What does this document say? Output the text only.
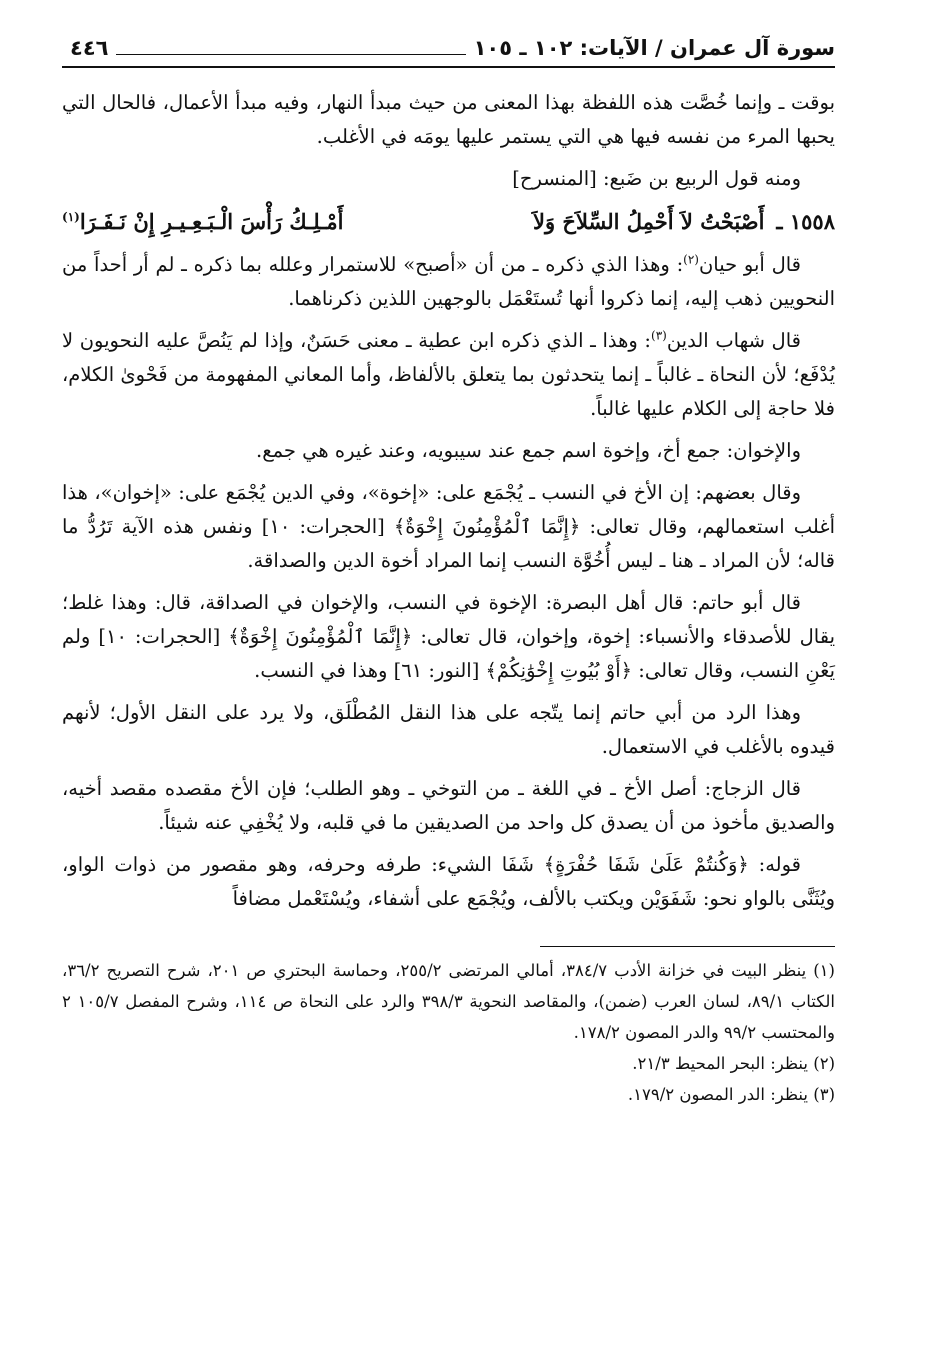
سورة آل عمران / الآيات: ١٠٢ ـ ١٠٥
٤٤٦

بوقت ـ وإنما خُصَّت هذه اللفظة بهذا المعنى من حيث مبدأ النهار، وفيه مبدأ الأعمال، فالحال التي يحبها المرء من نفسه فيها هي التي يستمر عليها يومَه في الأغلب.

ومنه قول الربيع بن ضَبع: [المنسرح]

١٥٥٨ ـ
أَصْبَحْتُ لاَ أَحْمِلُ السِّلاَحَ وَلاَ
أَمْـلِـكُ رَأْسَ الْـبَـعِـيـرِ إِنْ نَـفَـرَا$^{(١)}$

قال أبو حيان$^{(٢)}$: وهذا الذي ذكره ـ من أن «أصبح» للاستمرار وعلله بما ذكره ـ لم أر أحداً من النحويين ذهب إليه، إنما ذكروا أنها تُستَعْمَل بالوجهين اللذين ذكرناهما.

قال شهاب الدين$^{(٣)}$: وهذا ـ الذي ذكره ابن عطية ـ معنى حَسَنٌ، وإذا لم يَنُصَّ عليه النحويون لا يُدْفَع؛ لأن النحاة ـ غالباً ـ إنما يتحدثون بما يتعلق بالألفاظ، وأما المعاني المفهومة من فَحْوىٰ الكلام، فلا حاجة إلى الكلام عليها غالباً.

والإخوان: جمع أخ، وإخوة اسم جمع عند سيبويه، وعند غيره هي جمع.

وقال بعضهم: إن الأخ في النسب ـ يُجْمَع على: «إخوة»، وفي الدين يُجْمَع على: «إخوان»، هذا أغلب استعمالهم، وقال تعالى: ﴿إِنَّمَا ٱلْمُؤْمِنُونَ إِخْوَةٌ﴾ [الحجرات: ١٠] ونفس هذه الآية تَرُدُّ ما قاله؛ لأن المراد ـ هنا ـ ليس أُخُوَّة النسب إنما المراد أخوة الدين والصداقة.

قال أبو حاتم: قال أهل البصرة: الإخوة في النسب، والإخوان في الصداقة، قال: وهذا غلط؛ يقال للأصدقاء والأنسباء: إخوة، وإخوان، قال تعالى: ﴿إِنَّمَا ٱلْمُؤْمِنُونَ إِخْوَةٌ﴾ [الحجرات: ١٠] ولم يَعْنِ النسب، وقال تعالى: ﴿أَوْ بُيُوتِ إِخْوَٰنِكُمْ﴾ [النور: ٦١] وهذا في النسب.

وهذا الرد من أبي حاتم إنما يتّجه على هذا النقل المُطْلَق، ولا يرد على النقل الأول؛ لأنهم قيدوه بالأغلب في الاستعمال.

قال الزجاج: أصل الأخ ـ في اللغة ـ من التوخي ـ وهو الطلب؛ فإن الأخ مقصده مقصد أخيه، والصديق مأخوذ من أن يصدق كل واحد من الصديقين ما في قلبه، ولا يُخْفِي عنه شيئاً.

قوله: ﴿وَكُنتُمْ عَلَىٰ شَفَا حُفْرَةٍ﴾ شَفَا الشيء: طرفه وحرفه، وهو مقصور من ذوات الواو، ويُثَنَّى بالواو نحو: شَفَوَيْن ويكتب بالألف، ويُجْمَع على أشفاء، ويُسْتَعْمل مضافاً

(١) ينظر البيت في خزانة الأدب ٣٨٤/٧، أمالي المرتضى ٢٥٥/٢، وحماسة البحتري ص ٢٠١، شرح التصريح ٣٦/٢، الكتاب ٨٩/١، لسان العرب (ضمن)، والمقاصد النحوية ٣٩٨/٣ والرد على النحاة ص ١١٤، وشرح المفصل ١٠٥/٧ ٢ والمحتسب ٩٩/٢ والدر المصون ١٧٨/٢.

(٢) ينظر: البحر المحيط ٢١/٣.

(٣) ينظر: الدر المصون ١٧٩/٢.
